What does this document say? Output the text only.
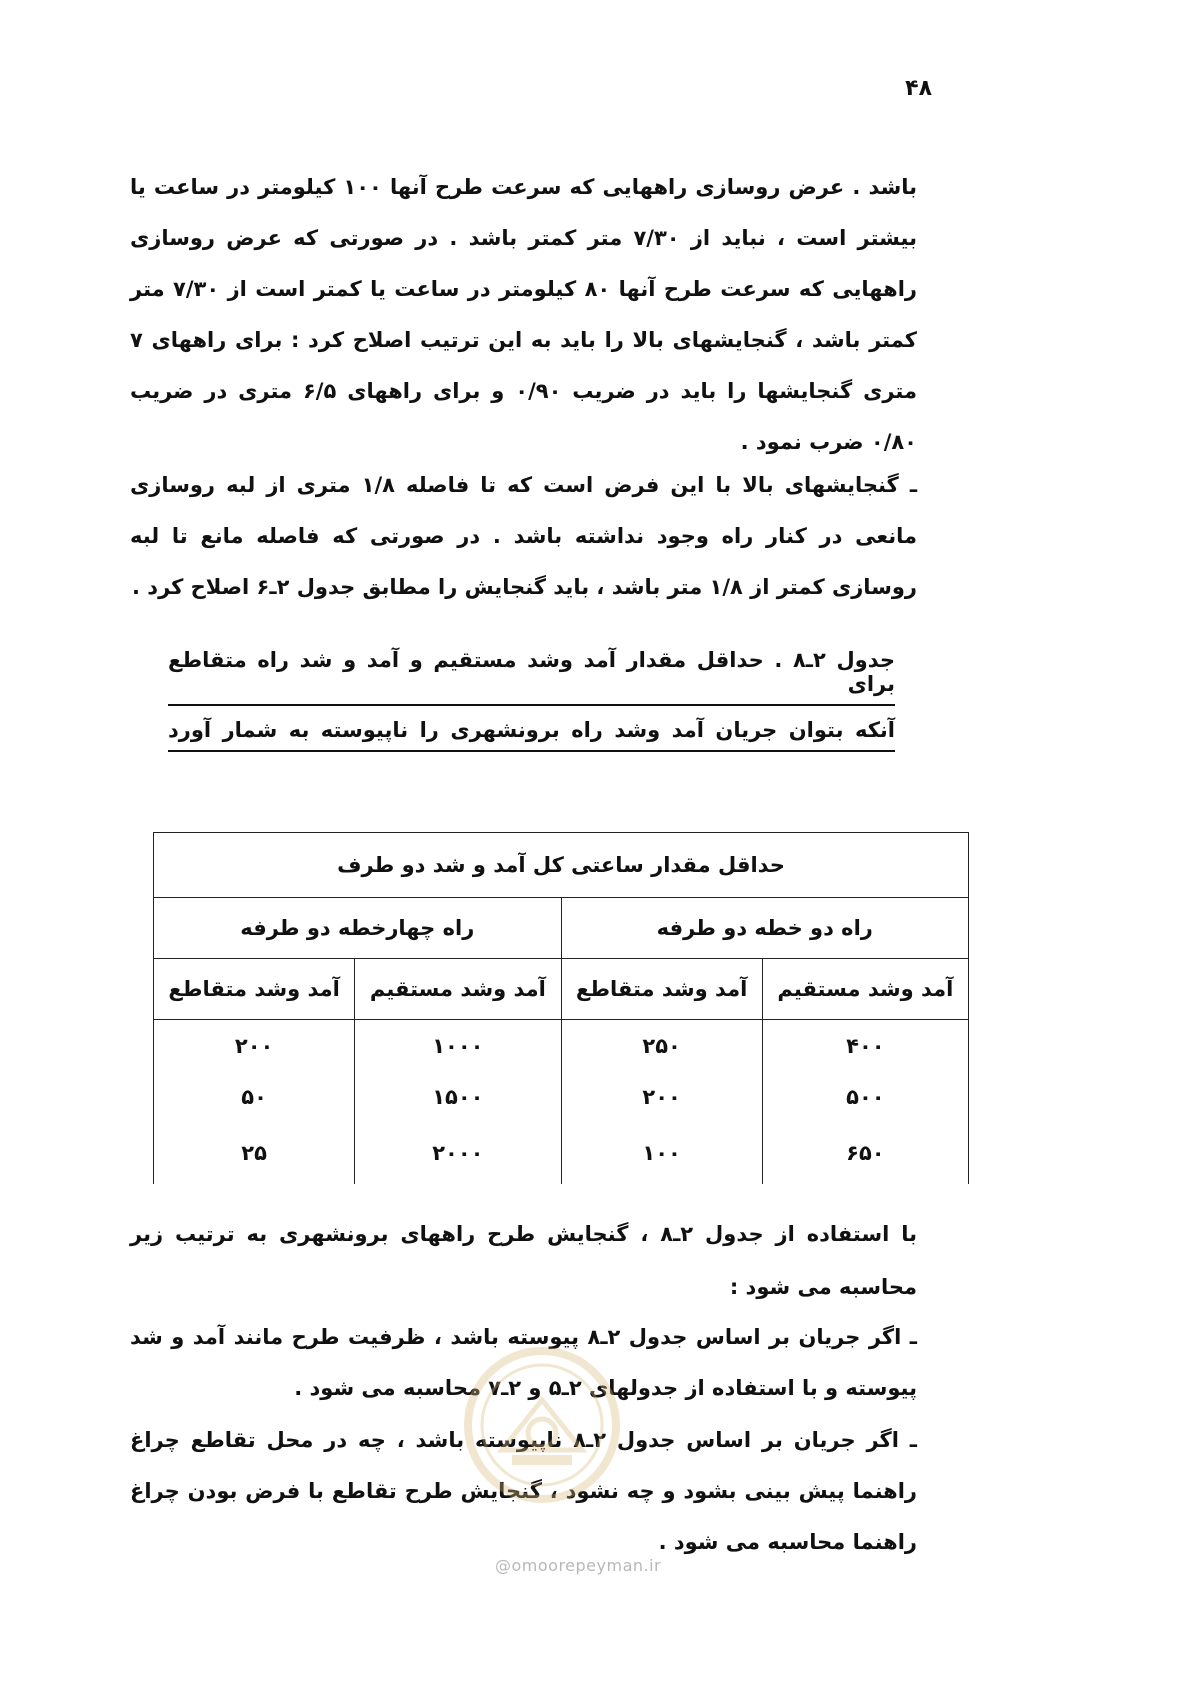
۴۸

باشد . عرض روسازی راههایی که سرعت طرح آنها ۱۰۰ کیلومتر در ساعت یا بیشتر است ، نباید از ۷/۳۰ متر کمتر باشد . در صورتی که عرض روسازی راههایی که سرعت طرح آنها ۸۰ کیلومتر در ساعت یا کمتر است از ۷/۳۰ متر کمتر باشد ، گنجایشهای بالا را باید به این ترتیب اصلاح کرد : برای راههای ۷ متری گنجایشها را باید در ضریب ۰/۹۰ و برای راههای ۶/۵ متری در ضریب ۰/۸۰ ضرب نمود .

ـ گنجایشهای بالا با این فرض است که تا فاصله ۱/۸ متری از لبه روسازی مانعی در کنار راه وجود نداشته باشد . در صورتی که فاصله مانع تا لبه روسازی کمتر از ۱/۸ متر باشد ، باید گنجایش را مطابق جدول ۲ـ۶ اصلاح کرد .

جدول ۲ـ۸ . حداقل مقدار آمد وشد مستقیم و آمد و شد راه متقاطع برای
آنکه بتوان جریان آمد وشد راه برونشهری را ناپیوسته به شمار آورد
حداقل مقدار ساعتی کل آمد و شد دو طرف			
راه دو خطه دو طرفه		راه چهارخطه دو طرفه	
آمد وشد مستقیم	آمد وشد متقاطع	آمد وشد مستقیم	آمد وشد متقاطع
۴۰۰	۲۵۰	۱۰۰۰	۲۰۰
۵۰۰	۲۰۰	۱۵۰۰	۵۰
۶۵۰	۱۰۰	۲۰۰۰	۲۵

با استفاده از جدول ۲ـ۸ ، گنجایش طرح راههای برونشهری به ترتیب زیر محاسبه می شود :

ـ اگر جریان بر اساس جدول ۲ـ۸ پیوسته باشد ، ظرفیت طرح مانند آمد و شد پیوسته و با استفاده از جدولهای ۲ـ۵ و ۲ـ۷ محاسبه می شود .

ـ اگر جریان بر اساس جدول ۲ـ۸ ناپیوسته باشد ، چه در محل تقاطع چراغ راهنما پیش بینی بشود و چه نشود ، گنجایش طرح تقاطع با فرض بودن چراغ راهنما محاسبه می شود .

@omoorepeyman.ir
